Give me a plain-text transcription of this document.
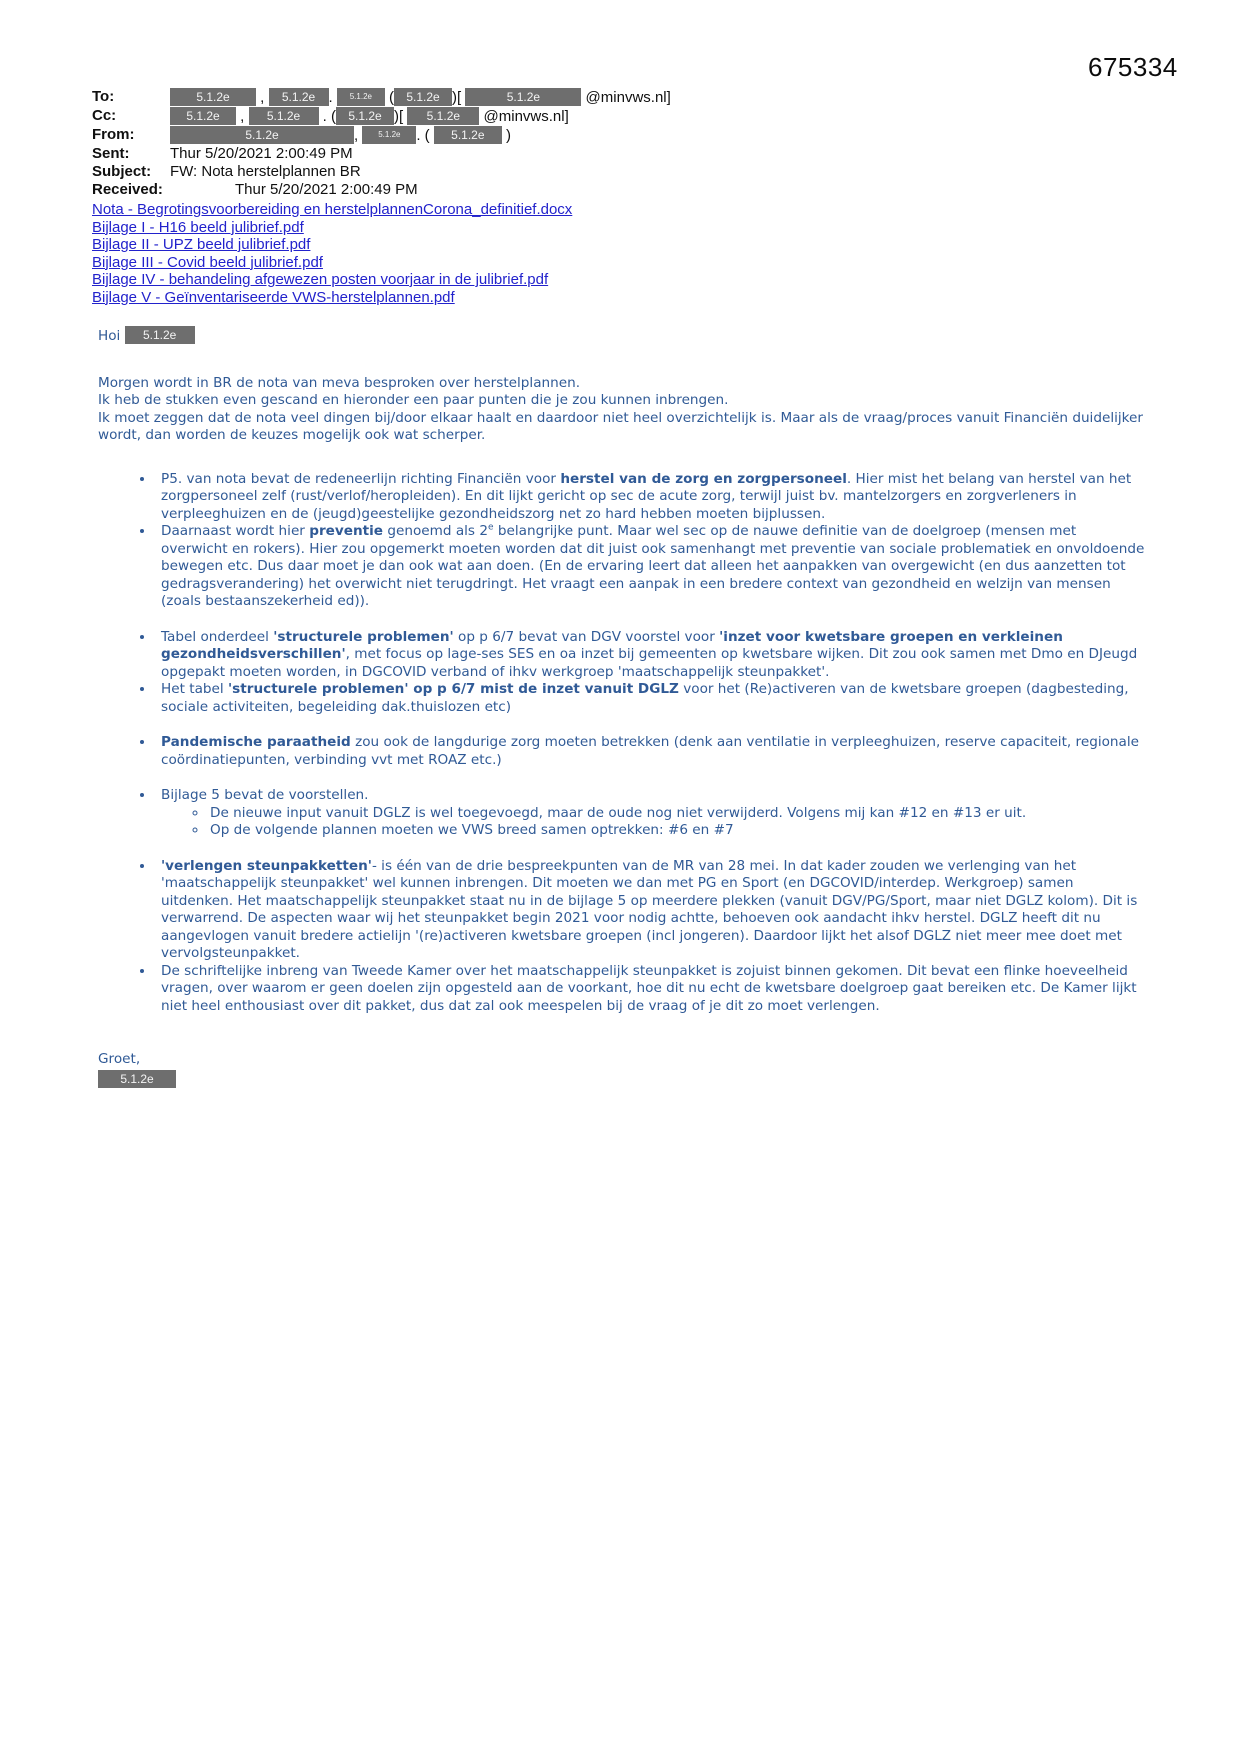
675334
To:	5.1.2e , 5.1.2e . 5.1.2e ( 5.1.2e )[	5.1.2e	@minvws.nl]
Cc:	5.1.2e , 5.1.2e . ( 5.1.2e )[ 5.1.2e @minvws.nl]
From:	5.1.2e	, 5.1.2e . ( 5.1.2e )
Sent:	Thur 5/20/2021 2:00:49 PM
Subject:	FW: Nota herstelplannen BR
Received:	Thur 5/20/2021 2:00:49 PM
Nota - Begrotingsvoorbereiding en herstelplannenCorona_definitief.docx
Bijlage I - H16 beeld julibrief.pdf
Bijlage II - UPZ beeld julibrief.pdf
Bijlage III - Covid beeld julibrief.pdf
Bijlage IV - behandeling afgewezen posten voorjaar in de julibrief.pdf
Bijlage V - Geïnventariseerde VWS-herstelplannen.pdf
Hoi 5.1.2e

Morgen wordt in BR de nota van meva besproken over herstelplannen.

Ik heb de stukken even gescand en hieronder een paar punten die je zou kunnen inbrengen.

Ik moet zeggen dat de nota veel dingen bij/door elkaar haalt en daardoor niet heel overzichtelijk is. Maar als de vraag/proces vanuit Financiën duidelijker wordt, dan worden de keuzes mogelijk ook wat scherper.

• P5. van nota bevat de redeneerlijn richting Financiën voor herstel van de zorg en zorgpersoneel. Hier mist het belang van herstel van het zorgpersoneel zelf (rust/verlof/heropleiden). En dit lijkt gericht op sec de acute zorg, terwijl juist bv. mantelzorgers en zorgverleners in verpleeghuizen en de (jeugd)geestelijke gezondheidszorg net zo hard hebben moeten bijplussen.
• Daarnaast wordt hier preventie genoemd als 2e belangrijke punt. Maar wel sec op de nauwe definitie van de doelgroep (mensen met overwicht en rokers). Hier zou opgemerkt moeten worden dat dit juist ook samenhangt met preventie van sociale problematiek en onvoldoende bewegen etc. Dus daar moet je dan ook wat aan doen. (En de ervaring leert dat alleen het aanpakken van overgewicht (en dus aanzetten tot gedragsverandering) het overwicht niet terugdringt. Het vraagt een aanpak in een bredere context van gezondheid en welzijn van mensen (zoals bestaanszekerheid ed)).
• Tabel onderdeel 'structurele problemen' op p 6/7 bevat van DGV voorstel voor 'inzet voor kwetsbare groepen en verkleinen gezondheidsverschillen', met focus op lage-ses SES en oa inzet bij gemeenten op kwetsbare wijken. Dit zou ook samen met Dmo en DJeugd opgepakt moeten worden, in DGCOVID verband of ihkv werkgroep 'maatschappelijk steunpakket'.
• Het tabel 'structurele problemen' op p 6/7 mist de inzet vanuit DGLZ voor het (Re)activeren van de kwetsbare groepen (dagbesteding, sociale activiteiten, begeleiding dak.thuislozen etc)
• Pandemische paraatheid zou ook de langdurige zorg moeten betrekken (denk aan ventilatie in verpleeghuizen, reserve capaciteit, regionale coördinatiepunten, verbinding vvt met ROAZ etc.)
• Bijlage 5 bevat de voorstellen.
◦ De nieuwe input vanuit DGLZ is wel toegevoegd, maar de oude nog niet verwijderd. Volgens mij kan #12 en #13 er uit.
◦ Op de volgende plannen moeten we VWS breed samen optrekken: #6 en #7
• 'verlengen steunpakketten'- is één van de drie bespreekpunten van de MR van 28 mei. In dat kader zouden we verlenging van het 'maatschappelijk steunpakket' wel kunnen inbrengen. Dit moeten we dan met PG en Sport (en DGCOVID/interdep. Werkgroep) samen uitdenken. Het maatschappelijk steunpakket staat nu in de bijlage 5 op meerdere plekken (vanuit DGV/PG/Sport, maar niet DGLZ kolom). Dit is verwarrend. De aspecten waar wij het steunpakket begin 2021 voor nodig achtte, behoeven ook aandacht ihkv herstel. DGLZ heeft dit nu aangevlogen vanuit bredere actielijn '(re)activeren kwetsbare groepen (incl jongeren). Daardoor lijkt het alsof DGLZ niet meer mee doet met vervolgsteunpakket.
• De schriftelijke inbreng van Tweede Kamer over het maatschappelijk steunpakket is zojuist binnen gekomen. Dit bevat een flinke hoeveelheid vragen, over waarom er geen doelen zijn opgesteld aan de voorkant, hoe dit nu echt de kwetsbare doelgroep gaat bereiken etc. De Kamer lijkt niet heel enthousiast over dit pakket, dus dat zal ook meespelen bij de vraag of je dit zo moet verlengen.

Groet,

5.1.2e
